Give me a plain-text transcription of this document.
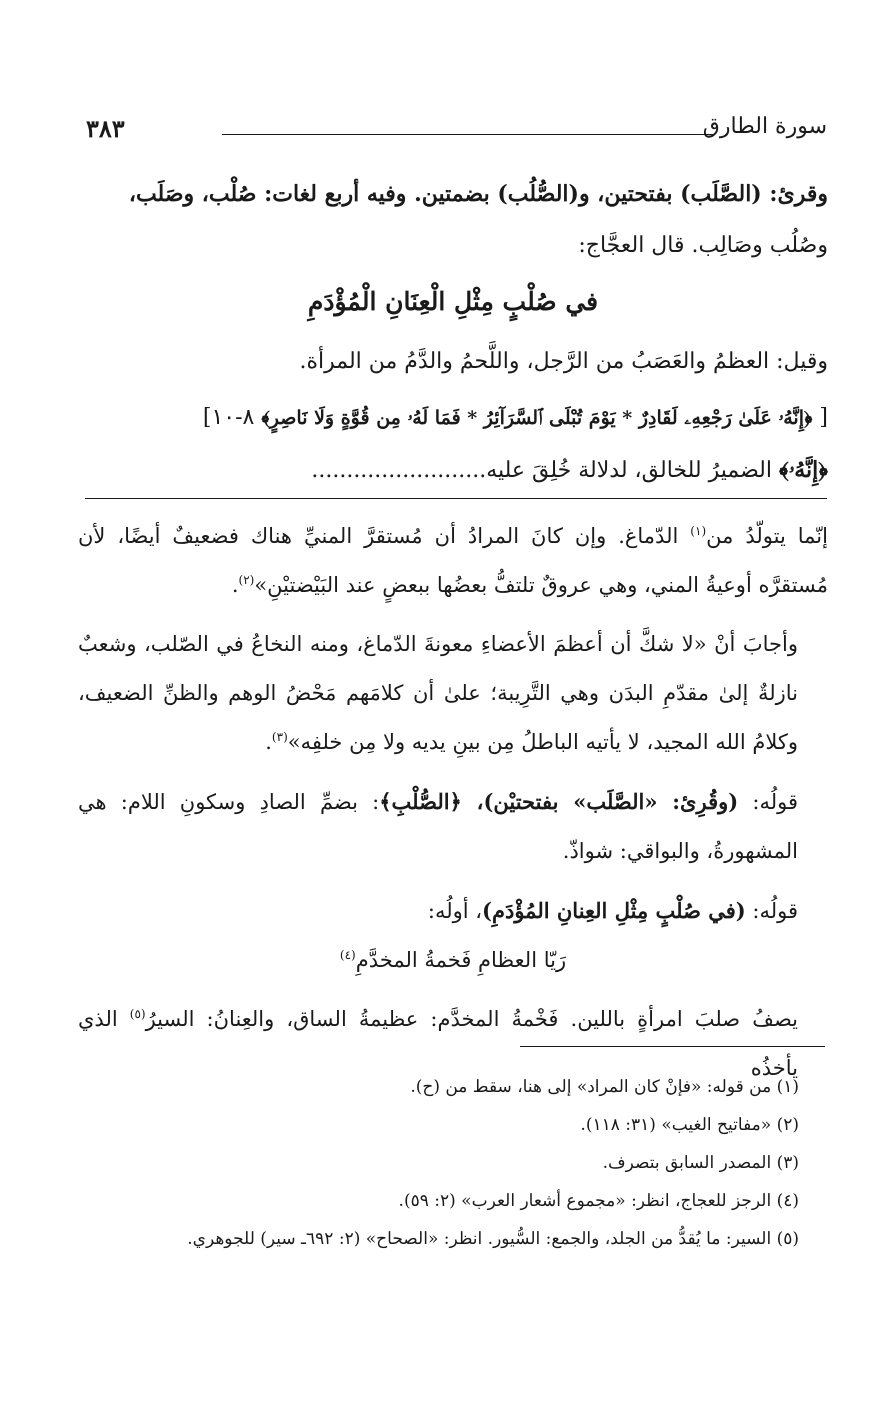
٣٨٣	سورة الطارق

وقرئ: (الصَّلَب) بفتحتين، و(الصُّلُب) بضمتين. وفيه أربع لغات: صُلْب، وصَلَب،

وصُلُب وصَالِب. قال العجَّاج:

في صُلْبٍ مِثْلِ الْعِنَانِ الْمُؤْدَمِ

وقيل: العظمُ والعَصَبُ من الرَّجل، واللَّحمُ والدَّمُ من المرأة.

[ ﴿إِنَّهُۥ عَلَىٰ رَجْعِهِۦ لَقَادِرٌ * يَوْمَ تُبْلَى ٱلسَّرَآئِرُ * فَمَا لَهُۥ مِن قُوَّةٍ وَلَا نَاصِرٍ﴾ ٨-١٠]

﴿إِنَّهُۥ﴾ الضميرُ للخالق، لدلالة خُلِقَ عليه.........................

إنّما يتولّدُ من$^{(١)}$ الدّماغ. وإن كانَ المرادُ أن مُستقرَّ المنيِّ هناك فضعيفٌ أيضًا، لأن مُستقرَّه أوعيةُ المني، وهي عروقٌ تلتفُّ بعضُها ببعضٍ عند البَيْضتيْنِ»$^{(٢)}$.

وأجابَ أنْ «لا شكَّ أن أعظمَ الأعضاءِ معونةَ الدّماغ، ومنه النخاعُ في الصّلب، وشعبٌ نازلةٌ إلىٰ مقدّمِ البدَن وهي التَّرِيبة؛ علىٰ أن كلامَهم مَحْضُ الوهم والظنِّ الضعيف، وكلامُ الله المجيد، لا يأتيه الباطلُ مِن بينِ يديه ولا مِن خلفِه»$^{(٣)}$.

قولُه: (وقُرِئ: «الصَّلَب» بفتحتيْن)، ﴿الصُّلْبِ﴾: بضمِّ الصادِ وسكونِ اللام: هي المشهورةُ، والبواقي: شواذّ.

قولُه: (في صُلْبٍ مِثْلِ العِنانِ المُؤْدَمِ)، أولُه:

رَيّا العظامِ فَخمةُ المخدَّمِ$^{(٤)}$

يصفُ صلبَ امرأةٍ باللين. فَخْمةُ المخدَّم: عظيمةُ الساق، والعِنانُ: السيرُ$^{(٥)}$ الذي يأخذُه

(١) من قوله: «فإنْ كان المراد» إلى هنا، سقط من (ح).

(٢) «مفاتيح الغيب» (٣١: ١١٨).

(٣) المصدر السابق بتصرف.

(٤) الرجز للعجاج، انظر: «مجموع أشعار العرب» (٢: ٥٩).

(٥) السير: ما يُقدُّ من الجلد، والجمع: السُّيور. انظر: «الصحاح» (٢: ٦٩٢ـ سير) للجوهري.
